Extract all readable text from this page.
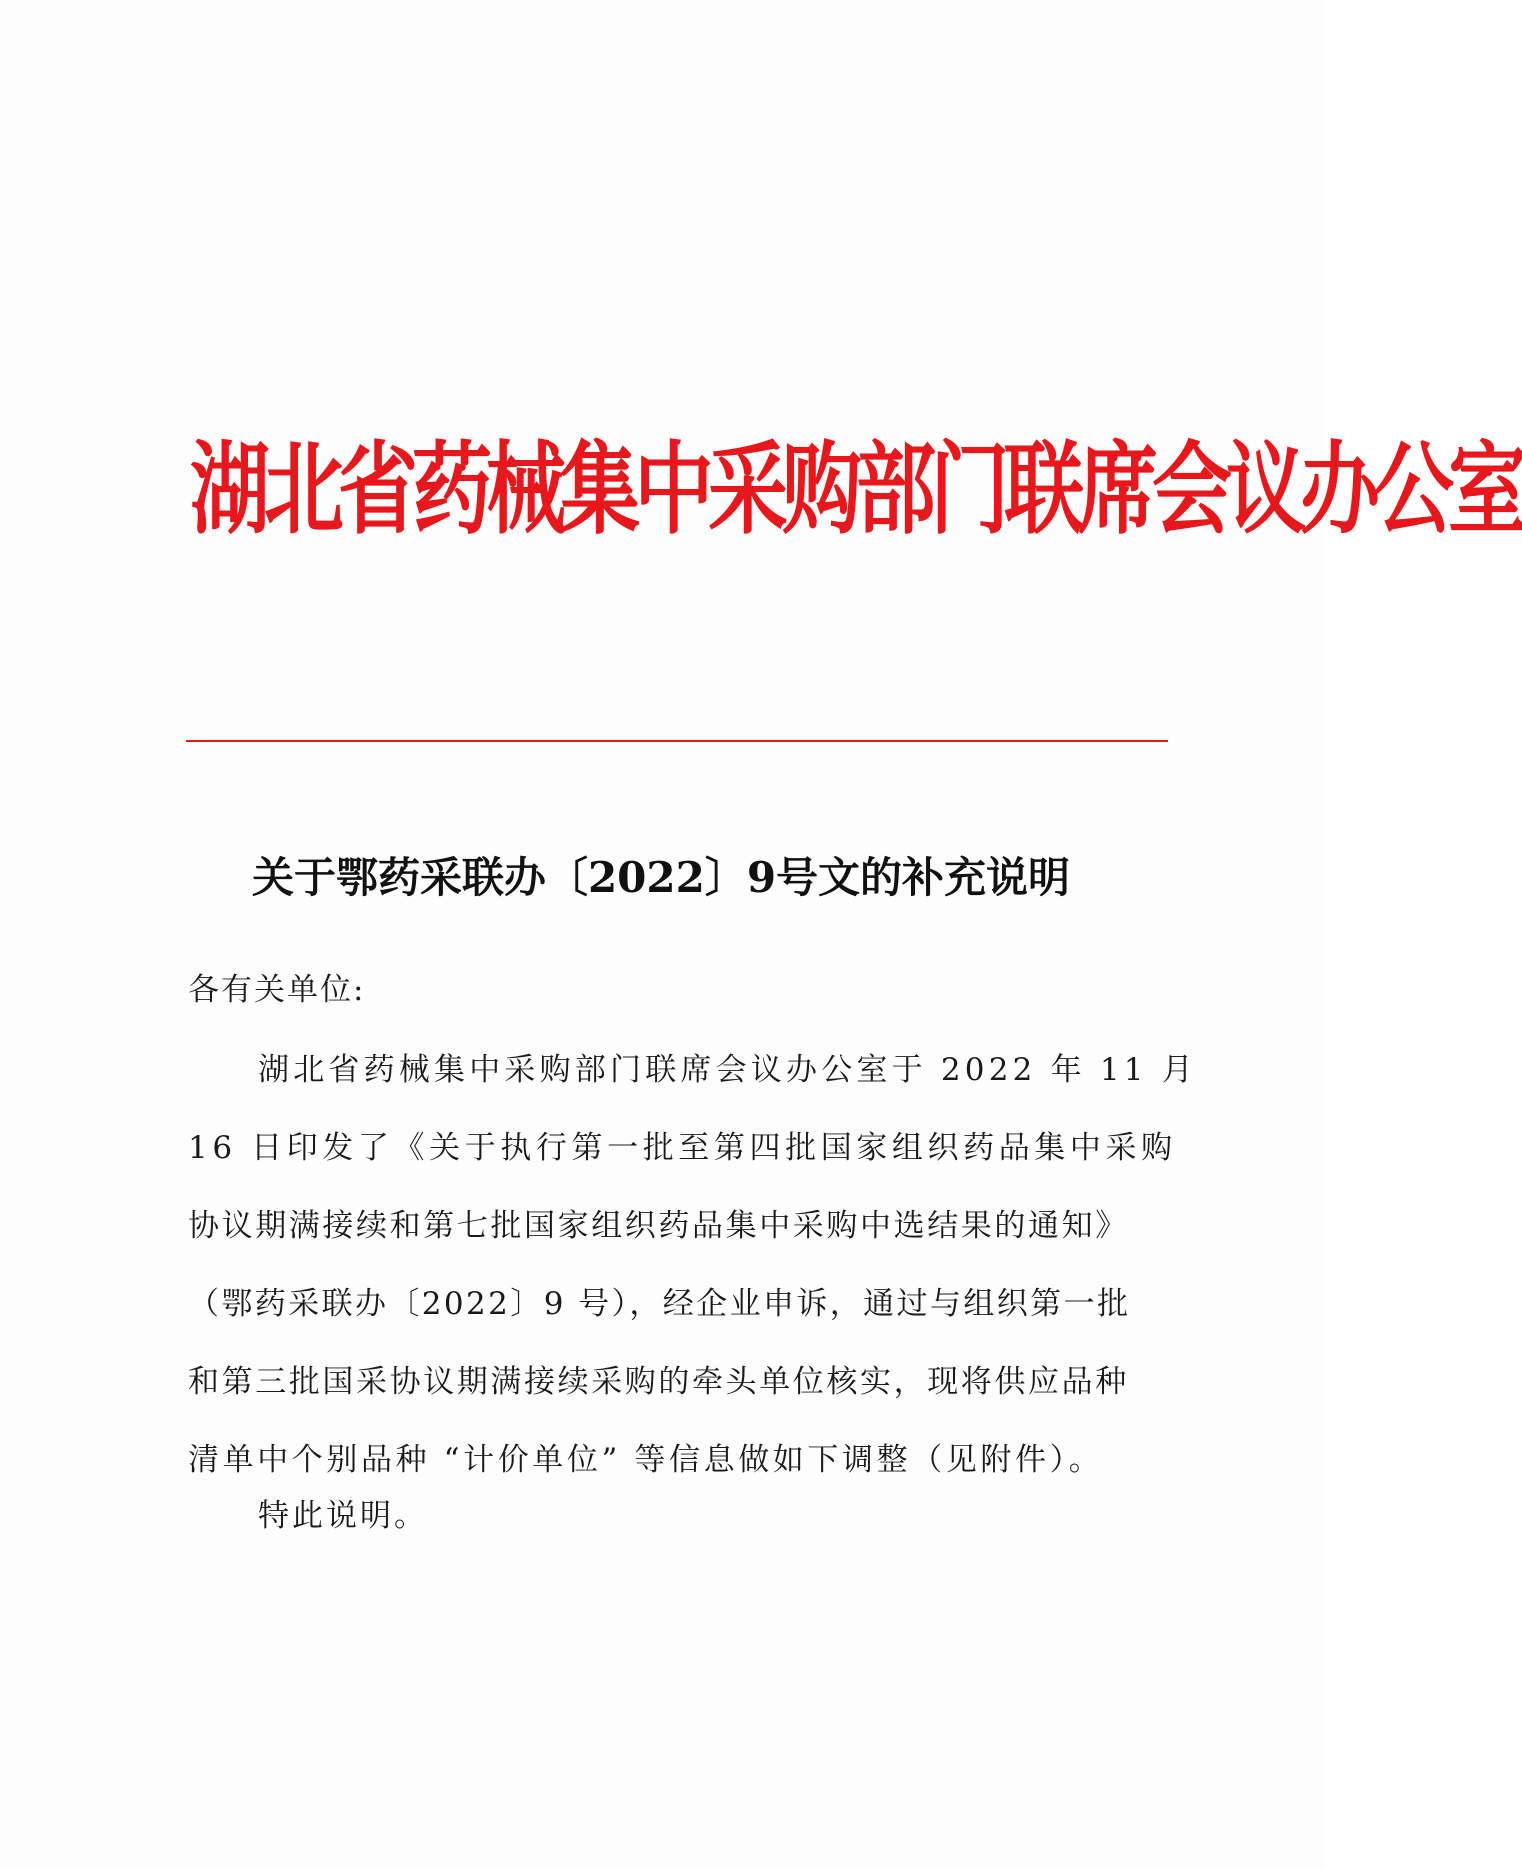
湖北省药械集中采购部门联席会议办公室
关于鄂药采联办〔2022〕9号文的补充说明
各有关单位:
湖北省药械集中采购部门联席会议办公室于 2022 年 11 月
16 日印发了《关于执行第一批至第四批国家组织药品集中采购
协议期满接续和第七批国家组织药品集中采购中选结果的通知》
（鄂药采联办〔2022〕9 号），经企业申诉，通过与组织第一批
和第三批国采协议期满接续采购的牵头单位核实，现将供应品种
清单中个别品种 “计价单位” 等信息做如下调整（见附件）。
特此说明。
